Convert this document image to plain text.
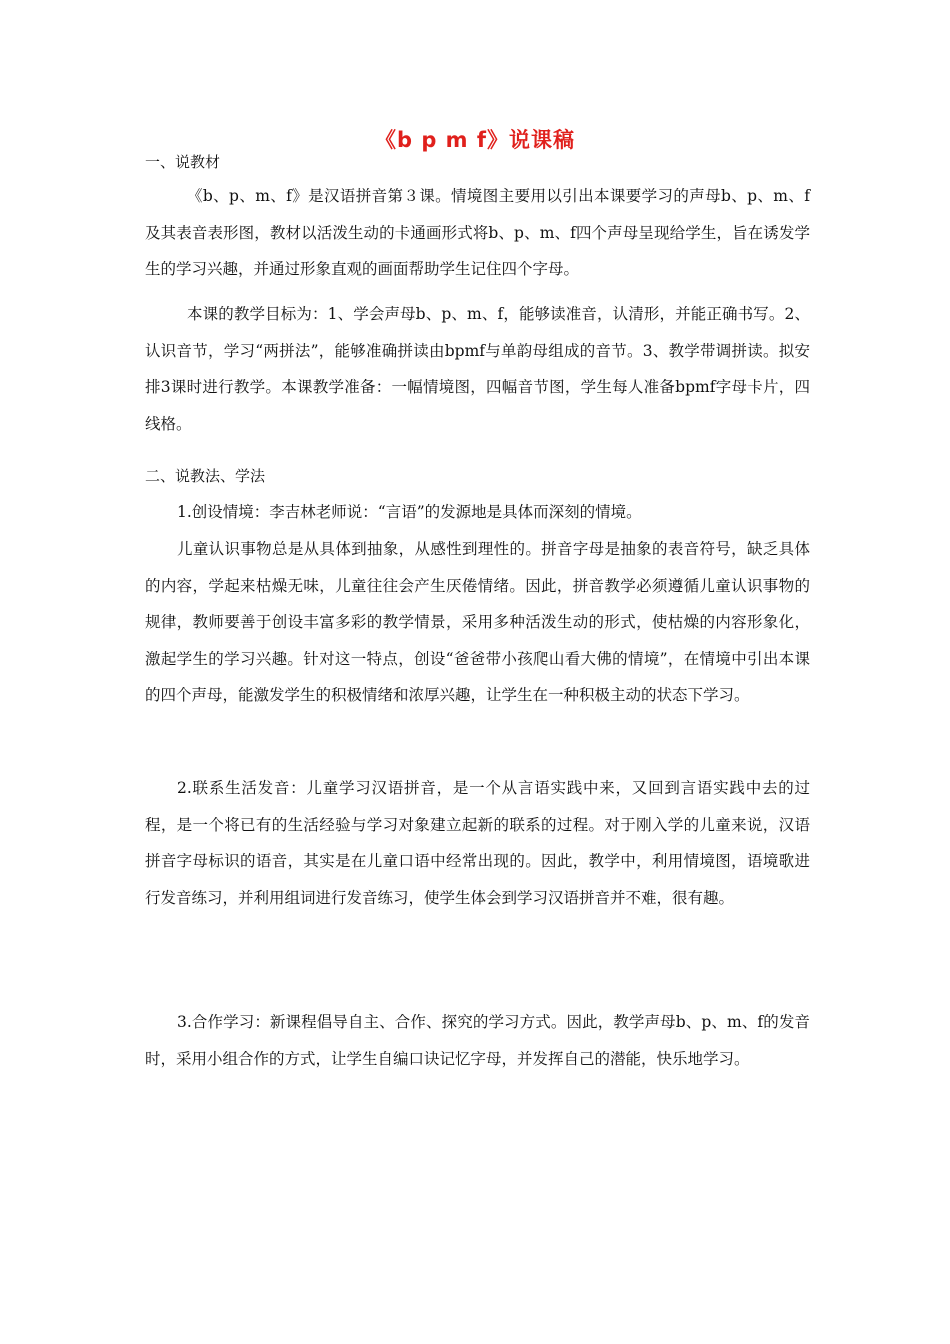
《b p m f》说课稿
一、说教材

《b、p、m、f》是汉语拼音第３课。情境图主要用以引出本课要学习的声母b、p、m、f及其表音表形图，教材以活泼生动的卡通画形式将b、p、m、f四个声母呈现给学生，旨在诱发学生的学习兴趣，并通过形象直观的画面帮助学生记住四个字母。

本课的教学目标为：1、学会声母b、p、m、f，能够读准音，认清形，并能正确书写。2、认识音节，学习“两拼法”，能够准确拼读由bpmf与单韵母组成的音节。3、教学带调拼读。拟安排3课时进行教学。本课教学准备：一幅情境图，四幅音节图，学生每人准备bpmf字母卡片，四线格。

二、说教法、学法

1.创设情境：李吉林老师说：“言语”的发源地是具体而深刻的情境。

儿童认识事物总是从具体到抽象，从感性到理性的。拼音字母是抽象的表音符号，缺乏具体的内容，学起来枯燥无味，儿童往往会产生厌倦情绪。因此，拼音教学必须遵循儿童认识事物的规律，教师要善于创设丰富多彩的教学情景，采用多种活泼生动的形式，使枯燥的内容形象化，激起学生的学习兴趣。针对这一特点，创设“爸爸带小孩爬山看大佛的情境”，在情境中引出本课的四个声母，能激发学生的积极情绪和浓厚兴趣，让学生在一种积极主动的状态下学习。

2.联系生活发音：儿童学习汉语拼音，是一个从言语实践中来，又回到言语实践中去的过程，是一个将已有的生活经验与学习对象建立起新的联系的过程。对于刚入学的儿童来说，汉语拼音字母标识的语音，其实是在儿童口语中经常出现的。因此，教学中，利用情境图，语境歌进行发音练习，并利用组词进行发音练习，使学生体会到学习汉语拼音并不难，很有趣。

3.合作学习：新课程倡导自主、合作、探究的学习方式。因此，教学声母b、p、m、f的发音时，采用小组合作的方式，让学生自编口诀记忆字母，并发挥自己的潜能，快乐地学习。
